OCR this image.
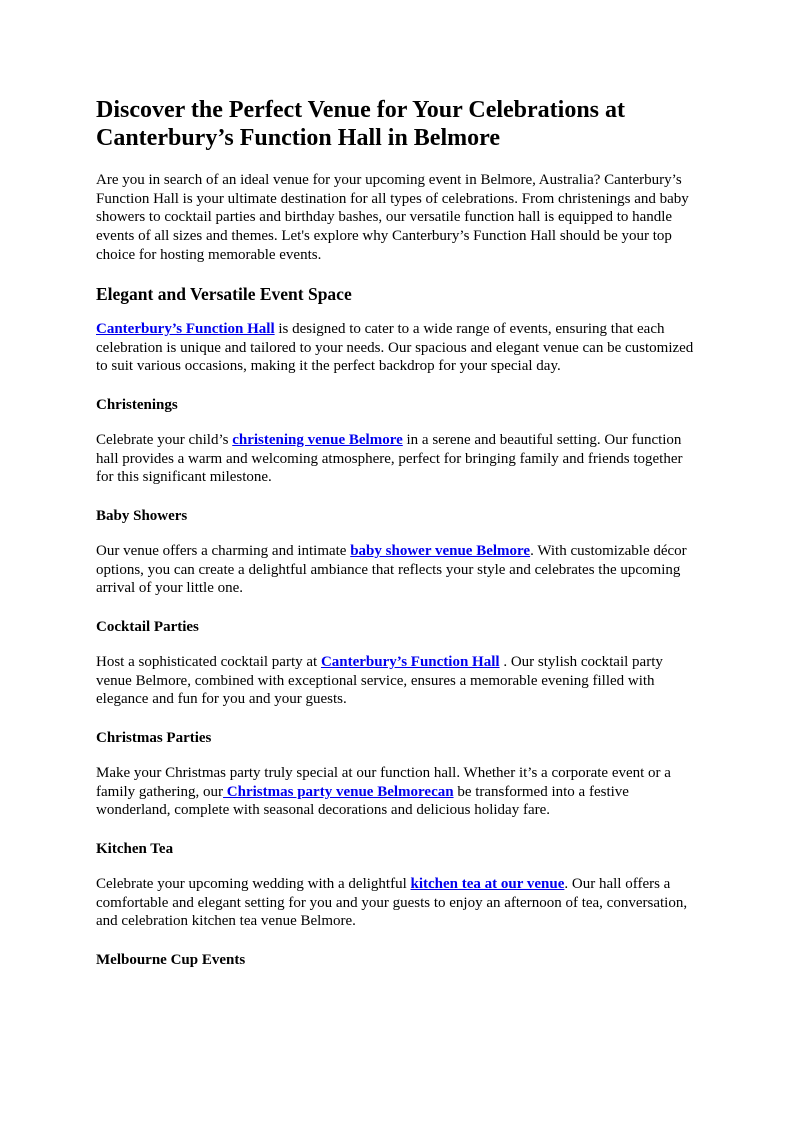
Discover the Perfect Venue for Your Celebrations at Canterbury’s Function Hall in Belmore

Are you in search of an ideal venue for your upcoming event in Belmore, Australia? Canterbury’s Function Hall is your ultimate destination for all types of celebrations. From christenings and baby showers to cocktail parties and birthday bashes, our versatile function hall is equipped to handle events of all sizes and themes. Let's explore why Canterbury’s Function Hall should be your top choice for hosting memorable events.

Elegant and Versatile Event Space

Canterbury’s Function Hall is designed to cater to a wide range of events, ensuring that each celebration is unique and tailored to your needs. Our spacious and elegant venue can be customized to suit various occasions, making it the perfect backdrop for your special day.

Christenings

Celebrate your child’s christening venue Belmore in a serene and beautiful setting. Our function hall provides a warm and welcoming atmosphere, perfect for bringing family and friends together for this significant milestone.

Baby Showers

Our venue offers a charming and intimate baby shower venue Belmore. With customizable décor options, you can create a delightful ambiance that reflects your style and celebrates the upcoming arrival of your little one.

Cocktail Parties

Host a sophisticated cocktail party at Canterbury’s Function Hall . Our stylish cocktail party venue Belmore, combined with exceptional service, ensures a memorable evening filled with elegance and fun for you and your guests.

Christmas Parties

Make your Christmas party truly special at our function hall. Whether it’s a corporate event or a family gathering, our Christmas party venue Belmorecan be transformed into a festive wonderland, complete with seasonal decorations and delicious holiday fare.

Kitchen Tea

Celebrate your upcoming wedding with a delightful kitchen tea at our venue. Our hall offers a comfortable and elegant setting for you and your guests to enjoy an afternoon of tea, conversation, and celebration kitchen tea venue Belmore.

Melbourne Cup Events
